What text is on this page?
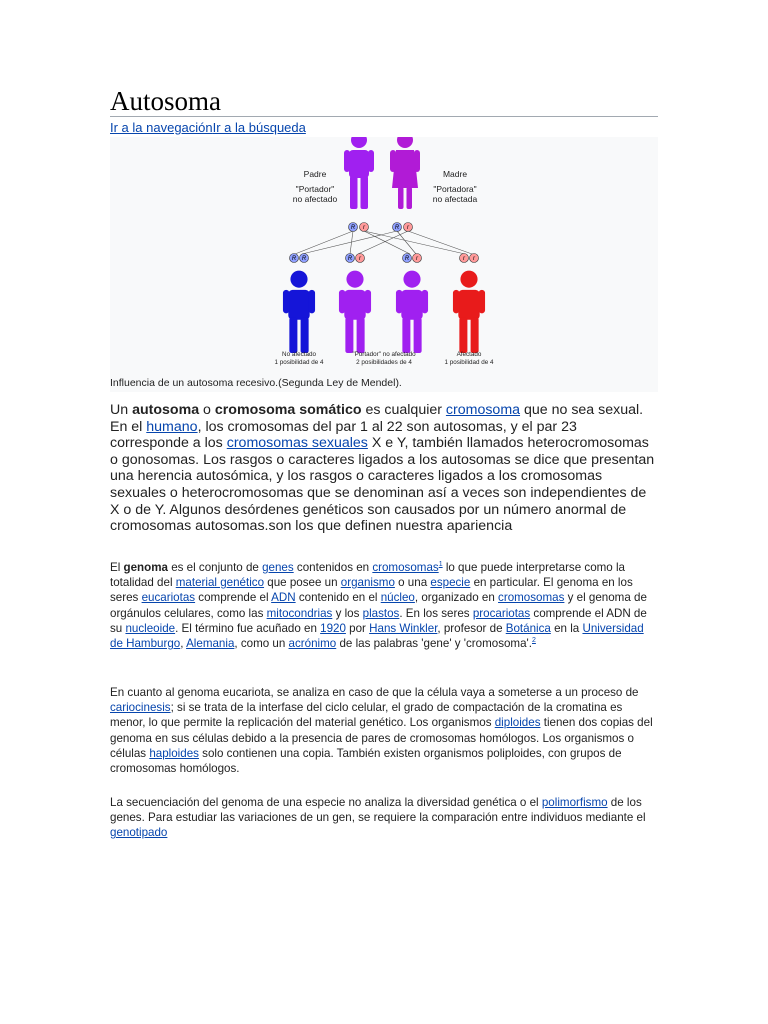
Autosoma
Ir a la navegaciónIr a la búsqueda
Padre
"Portador"
no afectado
Madre
"Portadora"
no afectada
R r	R r
R R	R r	R r	r r
No afectado
1 posibilidad de 4
"Portador" no afectado
2 posibilidades de 4
Afectado
1 posibilidad de 4
Influencia de un autosoma recesivo.(Segunda Ley de Mendel).
Un autosoma o cromosoma somático es cualquier cromosoma que no sea sexual. En el humano, los cromosomas del par 1 al 22 son autosomas, y el par 23 corresponde a los cromosomas sexuales X e Y, también llamados heterocromosomas o gonosomas. Los rasgos o caracteres ligados a los autosomas se dice que presentan una herencia autosómica, y los rasgos o caracteres ligados a los cromosomas sexuales o heterocromosomas que se denominan así a veces son independientes de X o de Y. Algunos desórdenes genéticos son causados por un número anormal de cromosomas autosomas.son los que definen nuestra apariencia
El genoma es el conjunto de genes contenidos en cromosomas$^1$ lo que puede interpretarse como la totalidad del material genético que posee un organismo o una especie en particular. El genoma en los seres eucariotas comprende el ADN contenido en el núcleo, organizado en cromosomas y el genoma de orgánulos celulares, como las mitocondrias y los plastos. En los seres procariotas comprende el ADN de su nucleoide. El término fue acuñado en 1920 por Hans Winkler, profesor de Botánica en la Universidad de Hamburgo, Alemania, como un acrónimo de las palabras 'gene' y 'cromosoma'.$^2$
En cuanto al genoma eucariota, se analiza en caso de que la célula vaya a someterse a un proceso de cariocinesis; si se trata de la interfase del ciclo celular, el grado de compactación de la cromatina es menor, lo que permite la replicación del material genético. Los organismos diploides tienen dos copias del genoma en sus células debido a la presencia de pares de cromosomas homólogos. Los organismos o células haploides solo contienen una copia. También existen organismos poliploides, con grupos de cromosomas homólogos.
La secuenciación del genoma de una especie no analiza la diversidad genética o el polimorfismo de los genes. Para estudiar las variaciones de un gen, se requiere la comparación entre individuos mediante el genotipado
